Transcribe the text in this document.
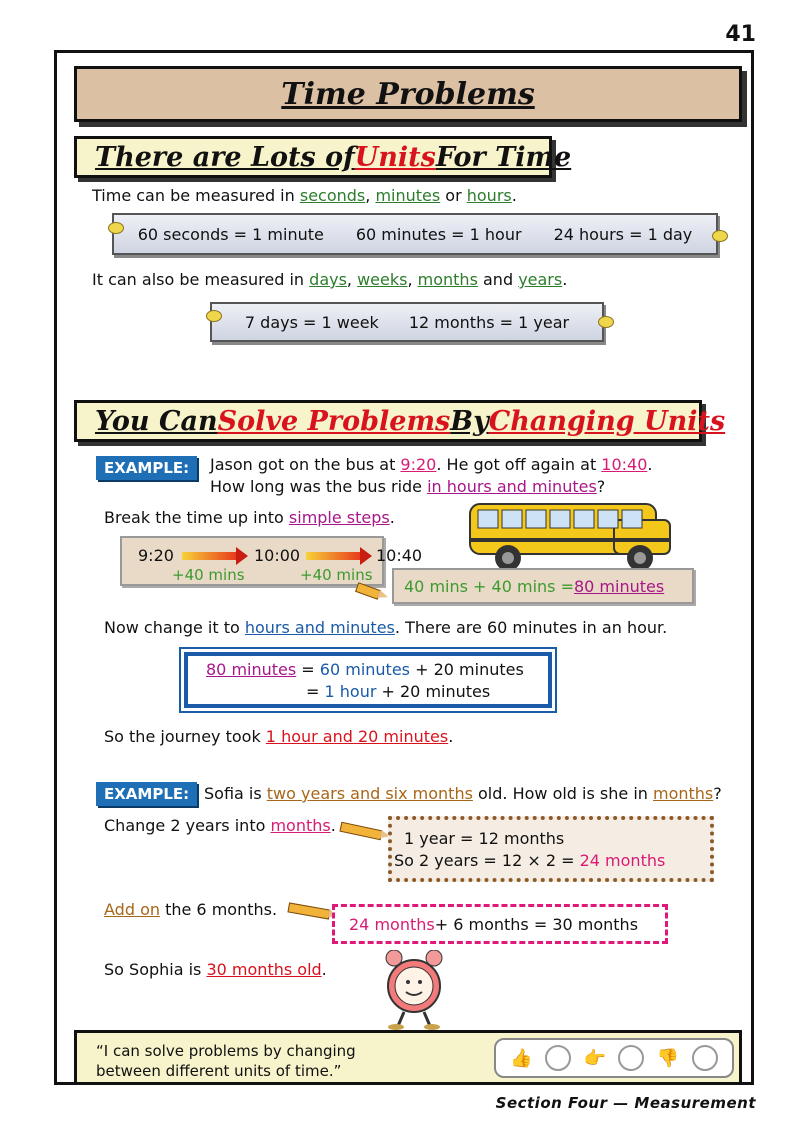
41
Time Problems
There are Lots of Units For Time
Time can be measured in seconds, minutes or hours.
60 seconds = 1 minute 60 minutes = 1 hour 24 hours = 1 day
It can also be measured in days, weeks, months and years.
7 days = 1 week 12 months = 1 year
You Can Solve Problems By Changing Units
EXAMPLE:	Jason got on the bus at 9:20. He got off again at 10:40.
How long was the bus ride in hours and minutes?
Break the time up into simple steps.
9:20	10:00	10:40
+40 mins	+40 mins
40 mins + 40 mins = 80 minutes
Now change it to hours and minutes. There are 60 minutes in an hour.
80 minutes = 60 minutes + 20 minutes
= 1 hour + 20 minutes
So the journey took 1 hour and 20 minutes.
EXAMPLE: Sofia is two years and six months old. How old is she in months?
Change 2 years into months.
1 year = 12 months
So 2 years = 12 × 2 = 24 months
Add on the 6 months.
24 months + 6 months = 30 months
So Sophia is 30 months old.
“I can solve problems by changing
between different units of time.”
👍	👉	👎
Section Four — Measurement
